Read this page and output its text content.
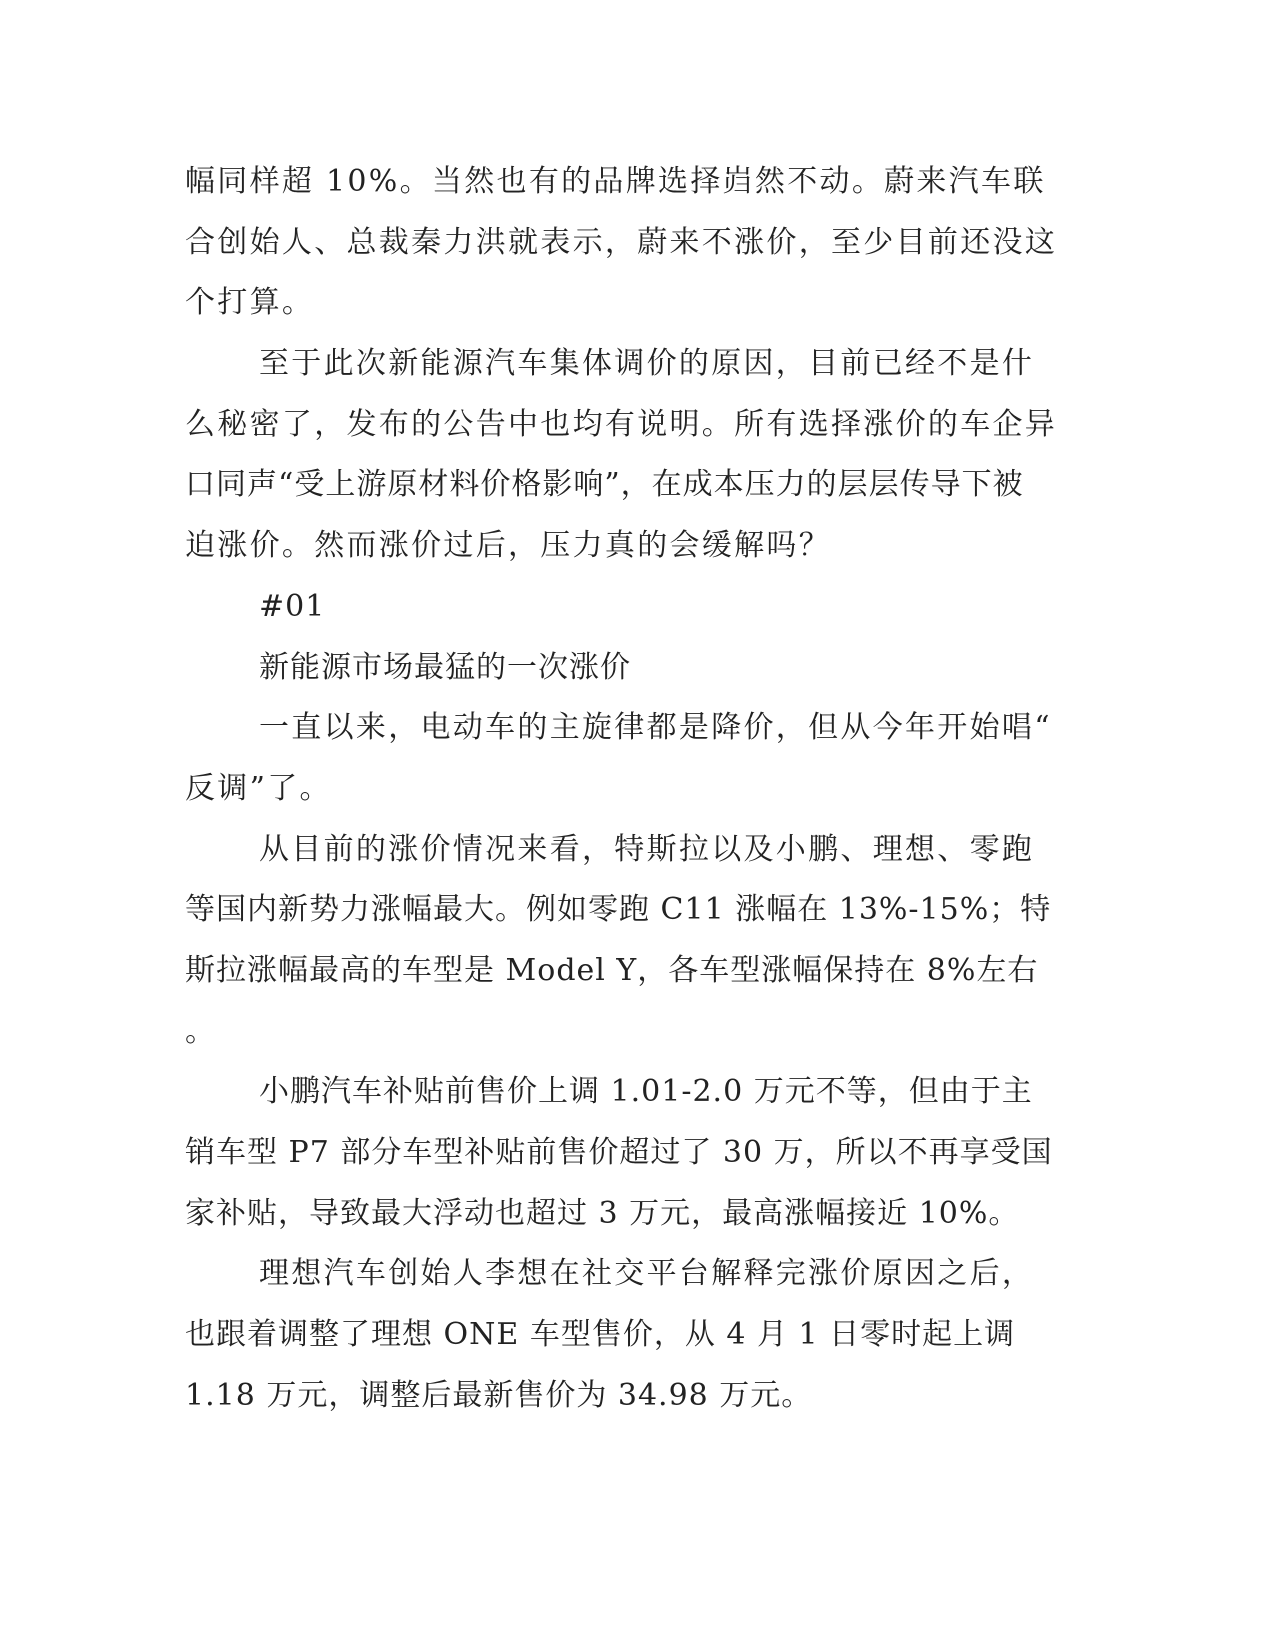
幅同样超 10%。当然也有的品牌选择岿然不动。蔚来汽车联
合创始人、总裁秦力洪就表示，蔚来不涨价，至少目前还没这
个打算。
至于此次新能源汽车集体调价的原因，目前已经不是什
么秘密了，发布的公告中也均有说明。所有选择涨价的车企异
口同声“受上游原材料价格影响”，在成本压力的层层传导下被
迫涨价。然而涨价过后，压力真的会缓解吗？
#01
新能源市场最猛的一次涨价
一直以来，电动车的主旋律都是降价，但从今年开始唱“
反调”了。
从目前的涨价情况来看，特斯拉以及小鹏、理想、零跑
等国内新势力涨幅最大。例如零跑 C11 涨幅在 13%-15%；特
斯拉涨幅最高的车型是 Model Y，各车型涨幅保持在 8%左右
。
小鹏汽车补贴前售价上调 1.01-2.0 万元不等，但由于主
销车型 P7 部分车型补贴前售价超过了 30 万，所以不再享受国
家补贴，导致最大浮动也超过 3 万元，最高涨幅接近 10%。
理想汽车创始人李想在社交平台解释完涨价原因之后，
也跟着调整了理想 ONE 车型售价，从 4 月 1 日零时起上调
1.18 万元，调整后最新售价为 34.98 万元。
